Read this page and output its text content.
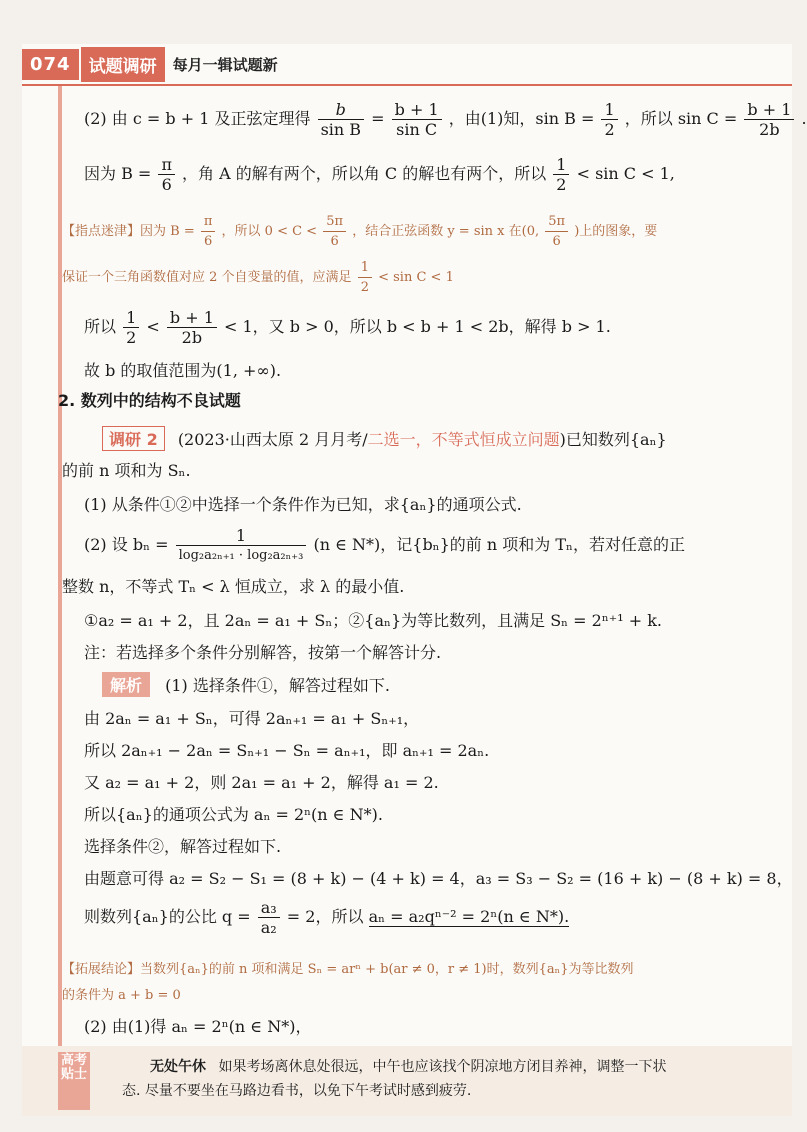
074	试题调研	每月一辑试题新
(2) 由 c = b + 1 及正弦定理得 $\frac{b}{\text{sin B}} = \frac{b + 1}{\text{sin C}}$ ，由(1)知，$\sin B = \frac{1}{2}$ ，所以 $\sin C = \frac{b + 1}{2b}$ .
因为 $B = \frac{\pi}{6}$ ，角 A 的解有两个，所以角 C 的解也有两个，所以 $\frac{1}{2} < \sin C < 1$,
【指点迷津】因为 $B = \frac{\pi}{6}$ ，所以 $0 < C < \frac{5\pi}{6}$ ，结合正弦函数 y = sin x 在(0, $\frac{5\pi}{6}$ )上的图象，要
保证一个三角函数值对应 2 个自变量的值，应满足 $\frac{1}{2} < \sin C < 1$
所以 $\frac{1}{2} < \frac{b + 1}{2b} < 1$，又 b > 0，所以 b < b + 1 < 2b，解得 b > 1.
故 b 的取值范围为(1, +∞).
2. 数列中的结构不良试题
调研 2 (2023·山西太原 2 月月考/二选一，不等式恒成立问题)已知数列{aₙ}
的前 n 项和为 Sₙ.
(1) 从条件①②中选择一个条件作为已知，求{aₙ}的通项公式.
(2) 设 $b_n = \frac{1}{\text{log₂a₂ₙ₊₁ · log₂a₂ₙ₊₃}} (n$ ∈ N*)，记{bₙ}的前 n 项和为 Tₙ，若对任意的正
整数 n，不等式 Tₙ < λ 恒成立，求 λ 的最小值.
①a₂ = a₁ + 2，且 2aₙ = a₁ + Sₙ；②{aₙ}为等比数列，且满足 Sₙ = 2ⁿ⁺¹ + k.
注：若选择多个条件分别解答，按第一个解答计分.
解析 (1) 选择条件①，解答过程如下.
由 2aₙ = a₁ + Sₙ，可得 2aₙ₊₁ = a₁ + Sₙ₊₁，
所以 2aₙ₊₁ − 2aₙ = Sₙ₊₁ − Sₙ = aₙ₊₁，即 aₙ₊₁ = 2aₙ.
又 a₂ = a₁ + 2，则 2a₁ = a₁ + 2，解得 a₁ = 2.
所以{aₙ}的通项公式为 aₙ = 2ⁿ(n ∈ N*).
选择条件②，解答过程如下.
由题意可得 a₂ = S₂ − S₁ = (8 + k) − (4 + k) = 4，a₃ = S₃ − S₂ = (16 + k) − (8 + k) = 8，
则数列{aₙ}的公比 $q = \frac{\text{a₃}}{\text{a₂}} = 2$，所以 aₙ = a₂qⁿ⁻² = 2ⁿ(n ∈ N*).
【拓展结论】当数列{aₙ}的前 n 项和满足 Sₙ = arⁿ + b(ar ≠ 0，r ≠ 1)时，数列{aₙ}为等比数列
的条件为 a + b = 0
(2) 由(1)得 aₙ = 2ⁿ(n ∈ N*)，
高考贴士	无处午休 如果考场离休息处很远，中午也应该找个阴凉地方闭目养神，调整一下状
态. 尽量不要坐在马路边看书，以免下午考试时感到疲劳.
